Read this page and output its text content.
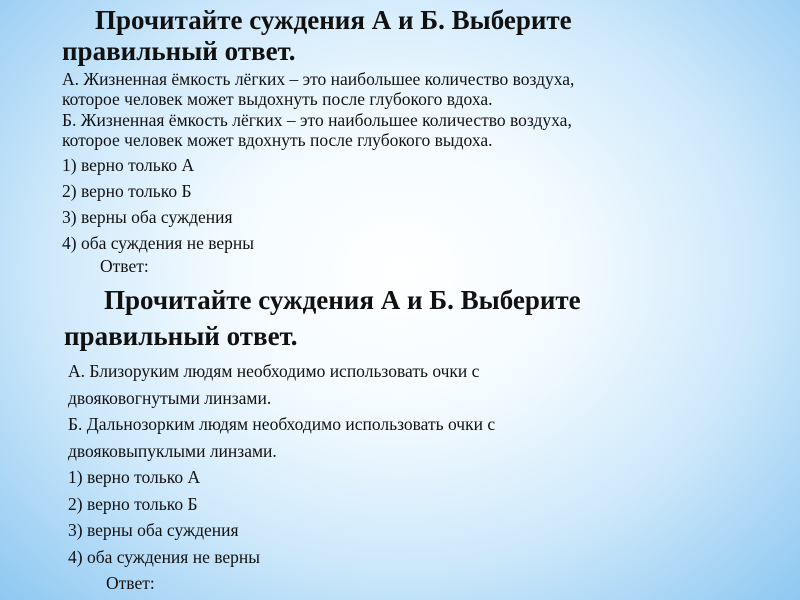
Прочитайте суждения А и Б. Выберите
правильный ответ.
А. Жизненная ёмкость лёгких – это наибольшее количество воздуха,
которое человек может выдохнуть после глубокого вдоха.
Б. Жизненная ёмкость лёгких – это наибольшее количество воздуха,
которое человек может вдохнуть после глубокого выдоха.
1) верно только А
2) верно только Б
3) верны оба суждения
4) оба суждения не верны
Ответ:
Прочитайте суждения А и Б. Выберите
правильный ответ.
А. Близоруким людям необходимо использовать очки с
двояковогнутыми линзами.
Б. Дальнозорким людям необходимо использовать очки с
двояковыпуклыми линзами.
1) верно только А
2) верно только Б
3) верны оба суждения
4) оба суждения не верны
Ответ:
